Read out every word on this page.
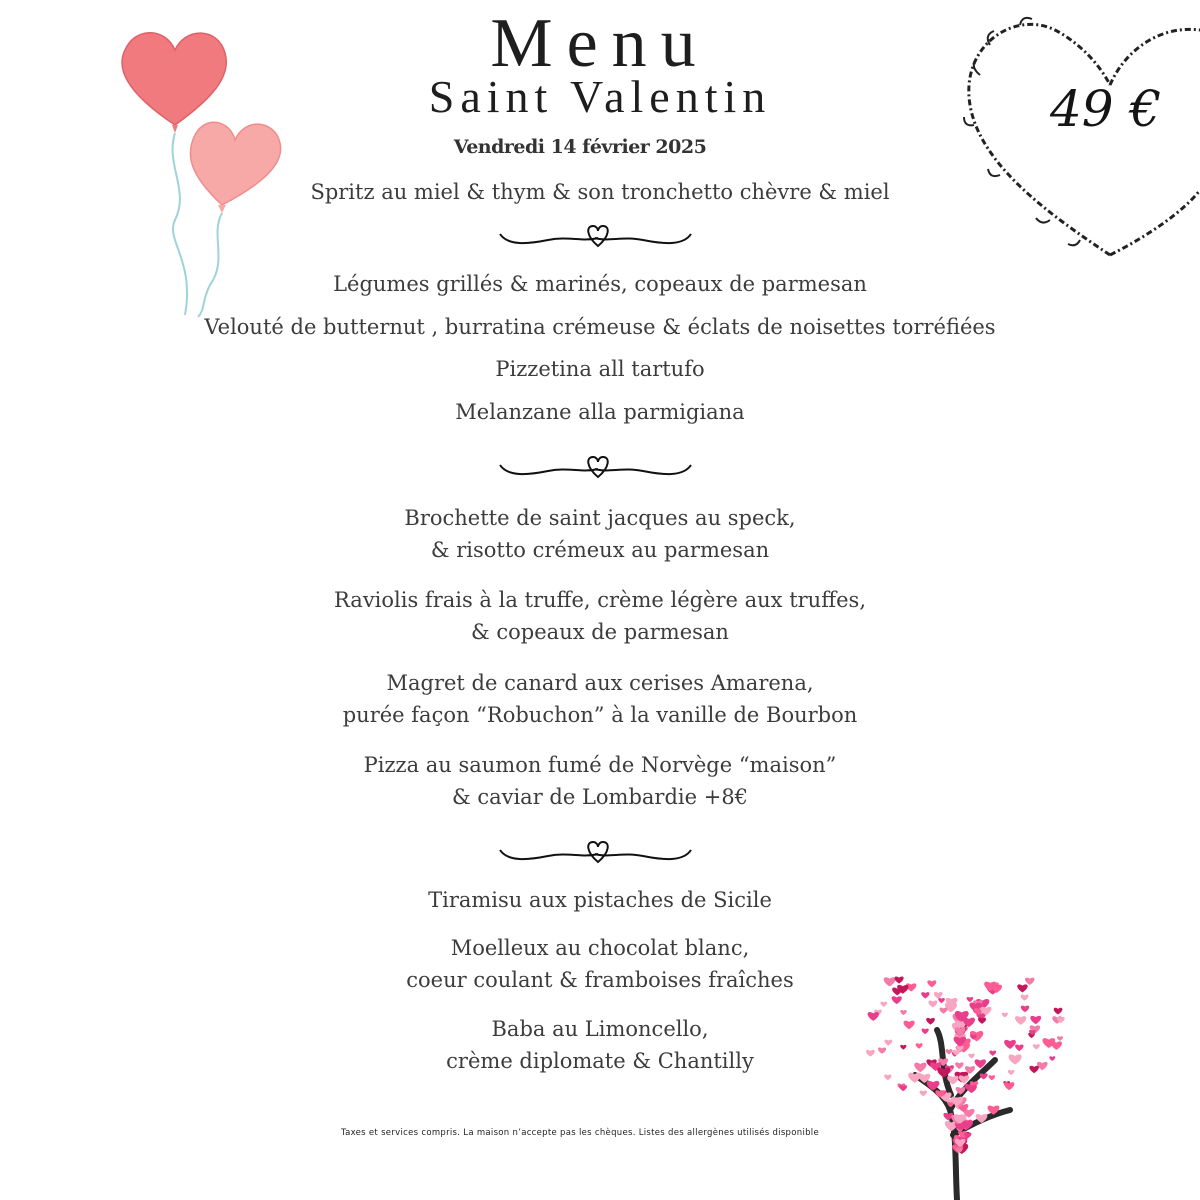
49 €
Menu
Saint Valentin
Vendredi 14 février 2025
Spritz au miel & thym & son tronchetto chèvre & miel
Légumes grillés & marinés, copeaux de parmesan
Velouté de butternut , burratina crémeuse & éclats de noisettes torréfiées
Pizzetina all tartufo
Melanzane alla parmigiana
Brochette de saint jacques au speck,
& risotto crémeux au parmesan
Raviolis frais à la truffe, crème légère aux truffes,
& copeaux de parmesan
Magret de canard aux cerises Amarena,
purée façon “Robuchon” à la vanille de Bourbon
Pizza au saumon fumé de Norvège “maison”
& caviar de Lombardie +8€
Tiramisu aux pistaches de Sicile
Moelleux au chocolat blanc,
coeur coulant & framboises fraîches
Baba au Limoncello,
crème diplomate & Chantilly
Taxes et services compris. La maison n’accepte pas les chèques. Listes des allergènes utilisés disponible
